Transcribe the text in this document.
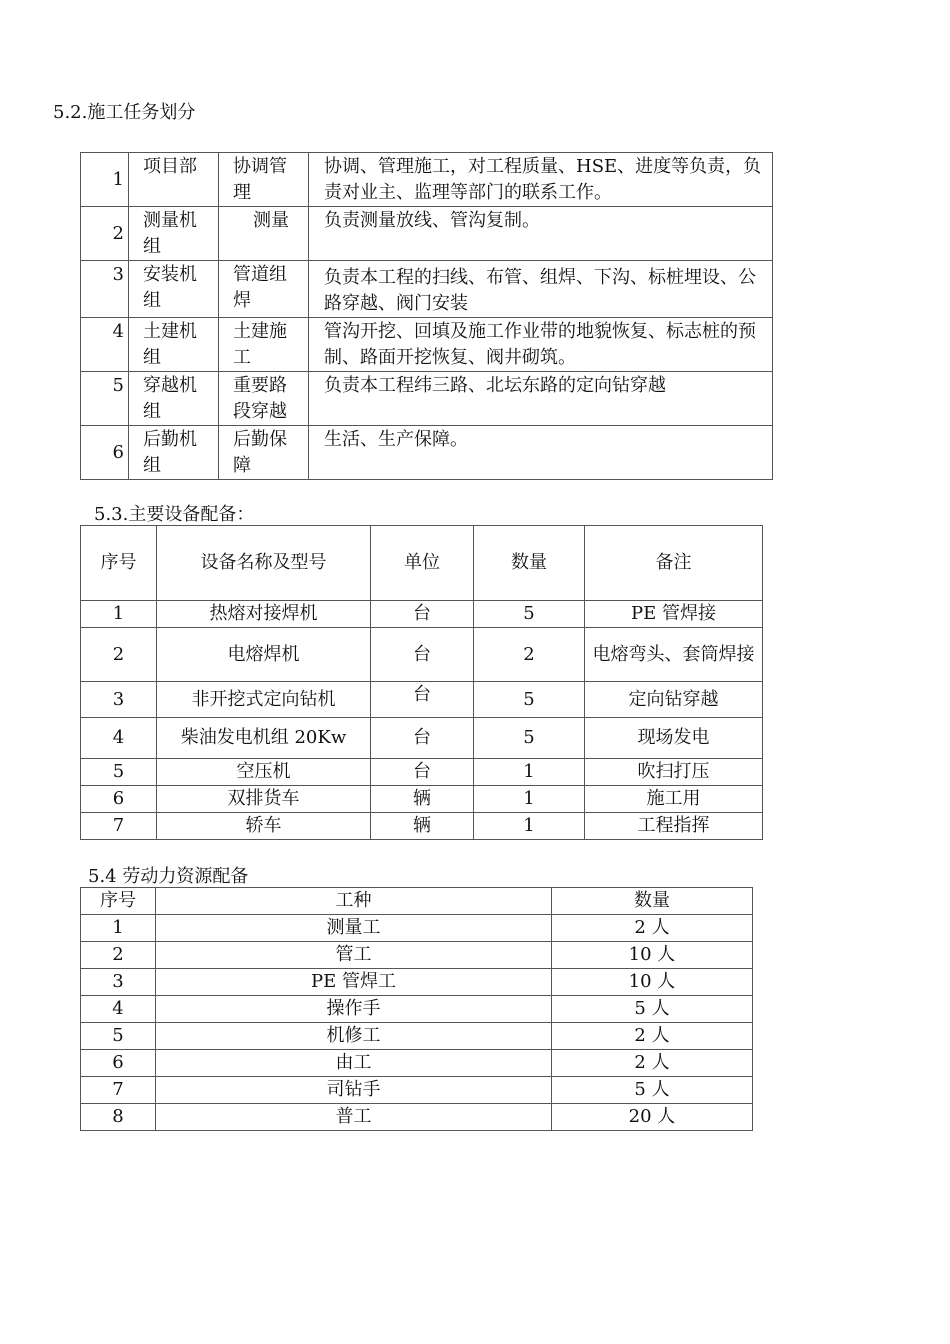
5.2.施工任务划分
1	项目部	协调管理	协调、管理施工，对工程质量、HSE、进度等负责，负责对业主、监理等部门的联系工作。
2	测量机组	测量	负责测量放线、管沟复制。
3	安装机组	管道组焊	负责本工程的扫线、布管、组焊、下沟、标桩埋设、公路穿越、阀门安装
4	土建机组	土建施工	管沟开挖、回填及施工作业带的地貌恢复、标志桩的预制、路面开挖恢复、阀井砌筑。
5	穿越机组	重要路段穿越	负责本工程纬三路、北坛东路的定向钻穿越
6	后勤机组	后勤保障	生活、生产保障。
5.3.主要设备配备：
序号	设备名称及型号	单位	数量	备注
1	热熔对接焊机	台	5	PE 管焊接
2	电熔焊机	台	2	电熔弯头、套筒焊接
3	非开挖式定向钻机	台	5	定向钻穿越
4	柴油发电机组 20Kw	台	5	现场发电
5	空压机	台	1	吹扫打压
6	双排货车	辆	1	施工用
7	轿车	辆	1	工程指挥
5.4 劳动力资源配备
序号	工种	数量
1	测量工	2 人
2	管工	10 人
3	PE 管焊工	10 人
4	操作手	5 人
5	机修工	2 人
6	由工	2 人
7	司钻手	5 人
8	普工	20 人
